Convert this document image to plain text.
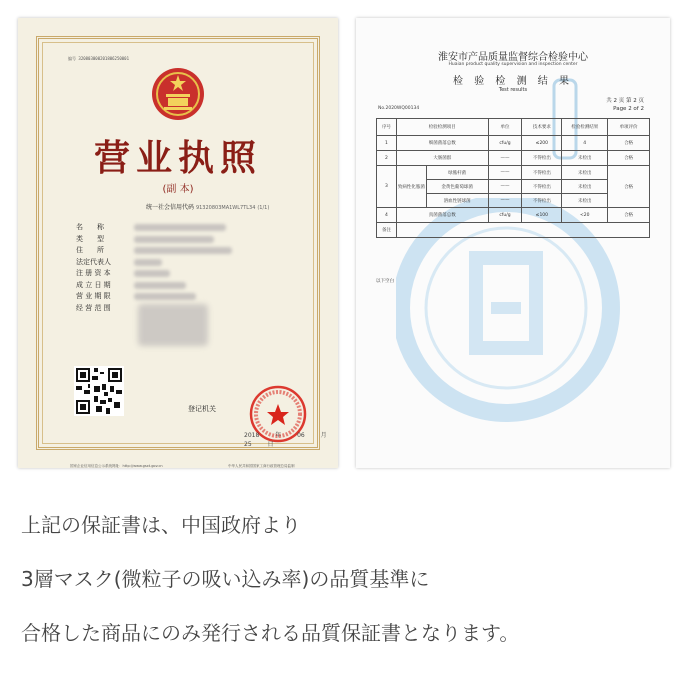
编号 320803000201806250001
营业执照
(副 本)
统一社会信用代码 91320803MA1WL7TL34 (1/1)
名　　称
类　　型
住　　所
法定代表人
注 册 资 本
成 立 日 期
营 业 期 限
经 营 范 围
登记机关
2018 年 06 月 25 日
国家企业信用信息公示系统网址：http://www.gsxt.gov.cn	中华人民共和国国家工商行政管理总局监制
淮安市产品质量监督综合检验中心
Huaian product quality supervision and inspection center
检 验 检 测 结 果
Test results
共 2 页 第 2 页
Page 2 of 2
No.2020WQ00134
序号	检验检测项目		单位	技术要求	检验检测结果	单项评价
1	细菌菌落总数		cfu/g	≤200	4	合格
2	大肠菌群		——	不得检出	未检出	合格
3	致病性化脓菌	绿脓杆菌	——	不得检出	未检出	合格
		金黄色葡萄球菌	——	不得检出	未检出	
		溶血性链球菌	——	不得检出	未检出	
4	真菌菌落总数		cfu/g	≤100	<20	合格
备注						
以下空白
上記の保証書は、中国政府より
3層マスク(微粒子の吸い込み率)の品質基準に
合格した商品にのみ発行される品質保証書となります。
